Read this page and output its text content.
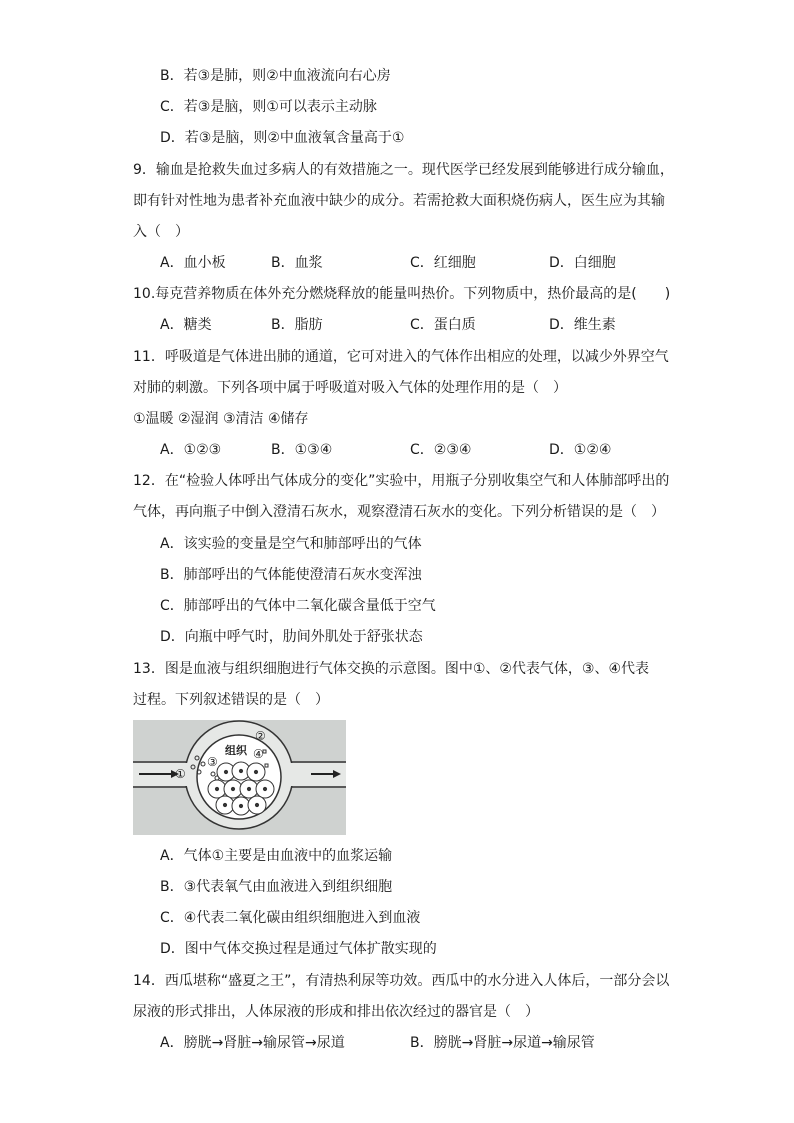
B．若③是肺，则②中血液流向右心房
C．若③是脑，则①可以表示主动脉
D．若③是脑，则②中血液氧含量高于①
9．输血是抢救失血过多病人的有效措施之一。现代医学已经发展到能够进行成分输血，
即有针对性地为患者补充血液中缺少的成分。若需抢救大面积烧伤病人，医生应为其输
入（　）
A．血小板	B．血浆	C．红细胞	D．白细胞
10.每克营养物质在体外充分燃烧释放的能量叫热价。下列物质中，热价最高的是(　　)
A．糖类	B．脂肪	C．蛋白质	D．维生素
11．呼吸道是气体进出肺的通道，它可对进入的气体作出相应的处理，以减少外界空气
对肺的刺激。下列各项中属于呼吸道对吸入气体的处理作用的是（　）
①温暖 ②湿润 ③清洁 ④储存
A．①②③	B．①③④	C．②③④	D．①②④
12．在“检验人体呼出气体成分的变化”实验中，用瓶子分别收集空气和人体肺部呼出的
气体，再向瓶子中倒入澄清石灰水，观察澄清石灰水的变化。下列分析错误的是（　）
A．该实验的变量是空气和肺部呼出的气体
B．肺部呼出的气体能使澄清石灰水变浑浊
C．肺部呼出的气体中二氧化碳含量低于空气
D．向瓶中呼气时，肋间外肌处于舒张状态
13．图是血液与组织细胞进行气体交换的示意图。图中①、②代表气体，③、④代表
过程。下列叙述错误的是（　）
组织
①
②
③
④
A．气体①主要是由血液中的血浆运输
B．③代表氧气由血液进入到组织细胞
C．④代表二氧化碳由组织细胞进入到血液
D．图中气体交换过程是通过气体扩散实现的
14．西瓜堪称“盛夏之王”，有清热利尿等功效。西瓜中的水分进入人体后，一部分会以
尿液的形式排出，人体尿液的形成和排出依次经过的器官是（　）
A．膀胱→肾脏→输尿管→尿道	B．膀胱→肾脏→尿道→输尿管
